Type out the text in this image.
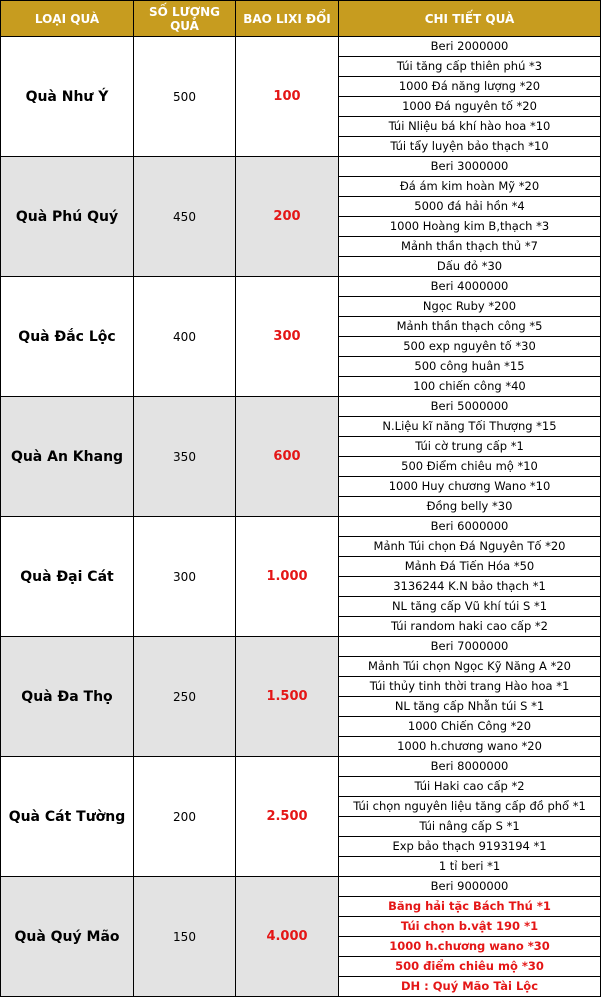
LOẠI QUÀ	SỐ LƯỢNG QUÀ	BAO LIXI ĐỔI	CHI TIẾT QUÀ
Quà Như Ý	500	100	Beri 2000000
			Túi tăng cấp thiên phú *3
			1000 Đá năng lượng *20
			1000 Đá nguyên tố *20
			Túi Nliệu bá khí hào hoa *10
			Túi tẩy luyện bảo thạch *10
Quà Phú Quý	450	200	Beri 3000000
			Đá ám kim hoàn Mỹ *20
			5000 đá hải hồn *4
			1000 Hoàng kim B,thạch *3
			Mảnh thần thạch thủ *7
			Dấu đỏ *30
Quà Đắc Lộc	400	300	Beri 4000000
			Ngọc Ruby *200
			Mảnh thần thạch công *5
			500 exp nguyên tố *30
			500 công huân *15
			100 chiến công *40
Quà An Khang	350	600	Beri 5000000
			N.Liệu kĩ năng Tối Thượng *15
			Túi cờ trung cấp *1
			500 Điểm chiêu mộ *10
			1000 Huy chương Wano *10
			Đồng belly *30
Quà Đại Cát	300	1.000	Beri 6000000
			Mảnh Túi chọn Đá Nguyên Tố *20
			Mảnh Đá Tiến Hóa *50
			3136244 K.N bảo thạch *1
			NL tăng cấp Vũ khí túi S *1
			Túi random haki cao cấp *2
Quà Đa Thọ	250	1.500	Beri 7000000
			Mảnh Túi chọn Ngọc Kỹ Năng A *20
			Túi thủy tinh thời trang Hào hoa *1
			NL tăng cấp Nhẫn túi S *1
			1000 Chiến Công *20
			1000 h.chương wano *20
Quà Cát Tường	200	2.500	Beri 8000000
			Túi Haki cao cấp *2
			Túi chọn nguyên liệu tăng cấp đồ phổ *1
			Túi nâng cấp S *1
			Exp bảo thạch 9193194 *1
			1 tỉ beri *1
Quà Quý Mão	150	4.000	Beri 9000000
			Băng hải tặc Bách Thú *1
			Túi chọn b.vật 190 *1
			1000 h.chương wano *30
			500 điểm chiêu mộ *30
			DH : Quý Mão Tài Lộc
